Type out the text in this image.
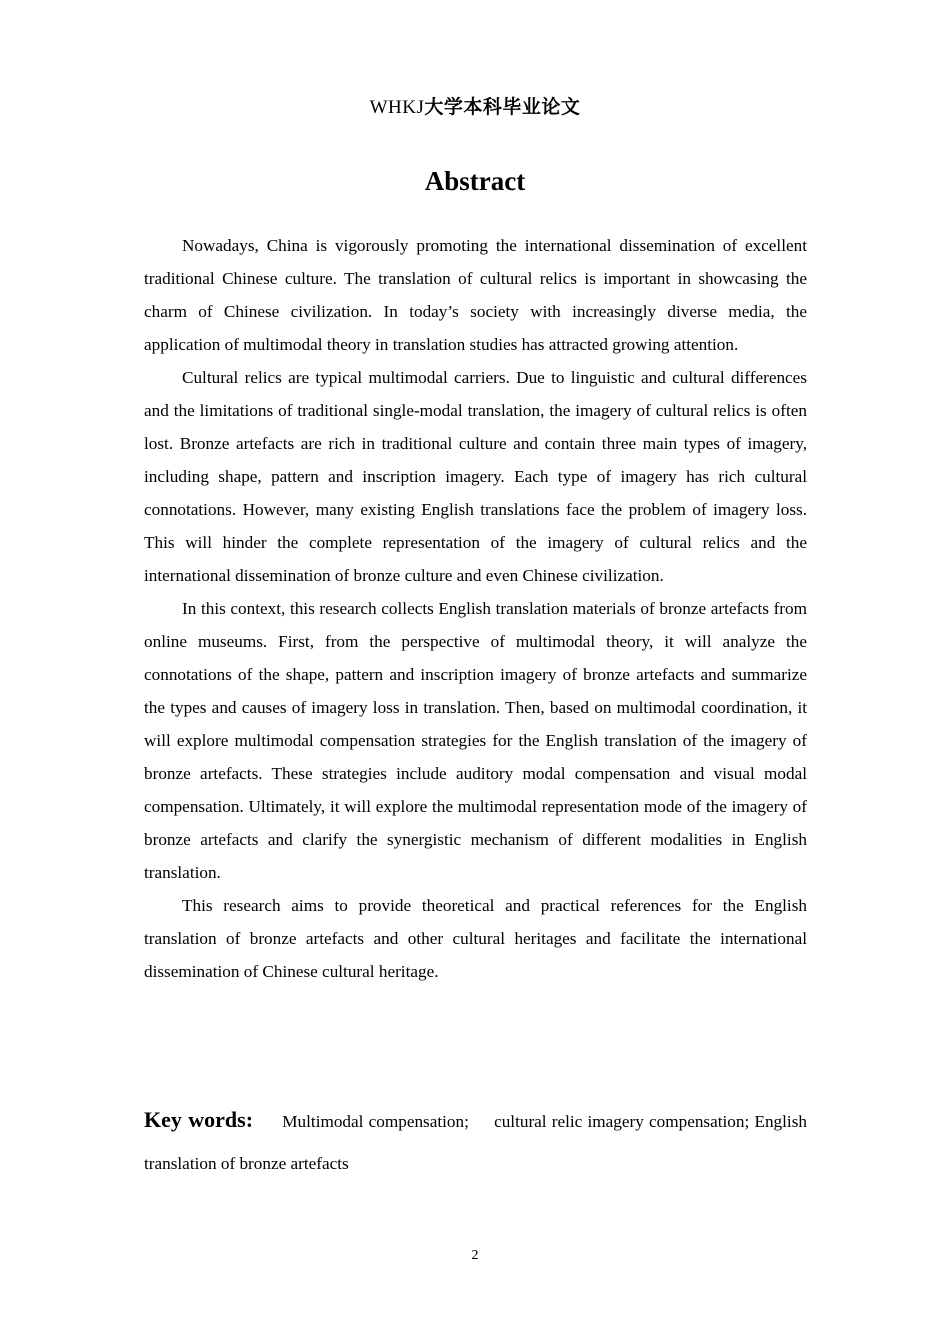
WHKJ大学本科毕业论文
Abstract

Nowadays, China is vigorously promoting the international dissemination of excellent traditional Chinese culture. The translation of cultural relics is important in showcasing the charm of Chinese civilization. In today’s society with increasingly diverse media, the application of multimodal theory in translation studies has attracted growing attention.

Cultural relics are typical multimodal carriers. Due to linguistic and cultural differences and the limitations of traditional single-modal translation, the imagery of cultural relics is often lost. Bronze artefacts are rich in traditional culture and contain three main types of imagery, including shape, pattern and inscription imagery. Each type of imagery has rich cultural connotations. However, many existing English translations face the problem of imagery loss. This will hinder the complete representation of the imagery of cultural relics and the international dissemination of bronze culture and even Chinese civilization.

In this context, this research collects English translation materials of bronze artefacts from online museums. First, from the perspective of multimodal theory, it will analyze the connotations of the shape, pattern and inscription imagery of bronze artefacts and summarize the types and causes of imagery loss in translation. Then, based on multimodal coordination, it will explore multimodal compensation strategies for the English translation of the imagery of bronze artefacts. These strategies include auditory modal compensation and visual modal compensation. Ultimately, it will explore the multimodal representation mode of the imagery of bronze artefacts and clarify the synergistic mechanism of different modalities in English translation.

This research aims to provide theoretical and practical references for the English translation of bronze artefacts and other cultural heritages and facilitate the international dissemination of Chinese cultural heritage.

Key words: Multimodal compensation; cultural relic imagery compensation; English translation of bronze artefacts

2
